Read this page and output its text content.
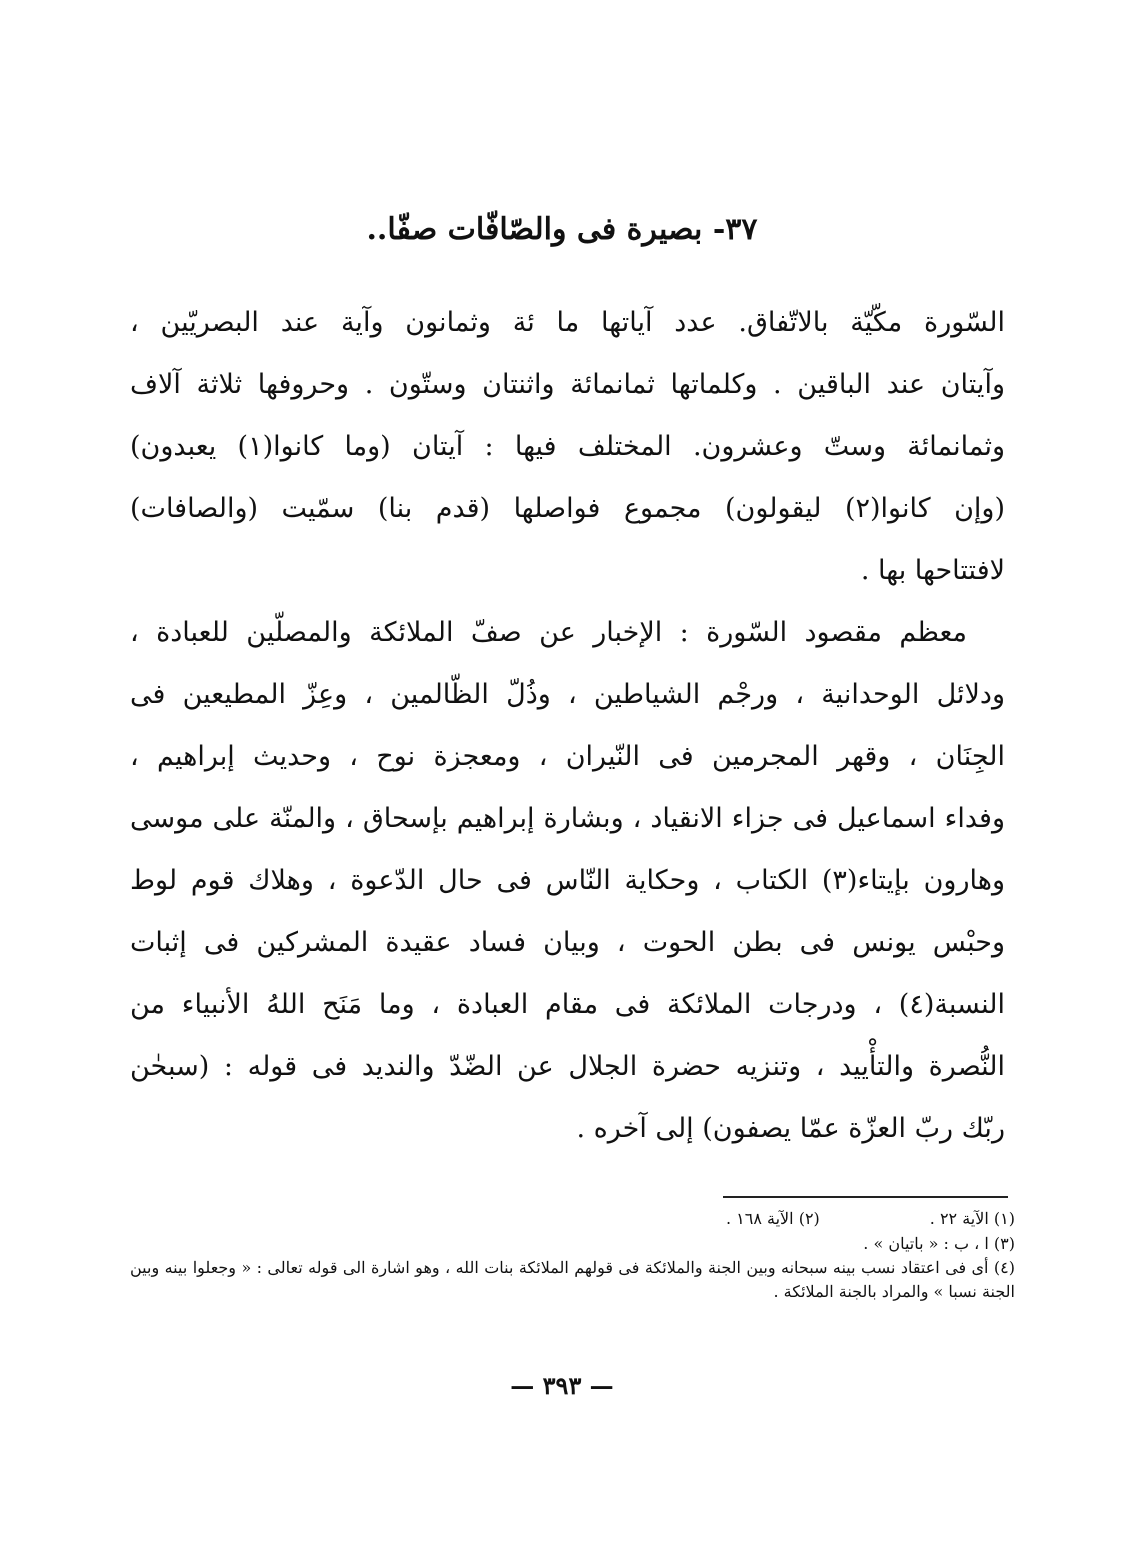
٣٧- بصيرة فى والصّافّات صفّا..
السّورة مكّيّة بالاتّفاق. عدد آياتها ما ئة وثمانون وآية عند البصريّين ،
وآيتان عند الباقين . وكلماتها ثمانمائة واثنتان وستّون . وحروفها ثلاثة آلاف
وثمانمائة وستّ وعشرون. المختلف فيها : آيتان (وما كانوا(١) يعبدون)
(وإن كانوا(٢) ليقولون) مجموع فواصلها (قدم بنا) سمّيت (والصافات)
لافتتاحها بها .
معظم مقصود السّورة : الإخبار عن صفّ الملائكة والمصلّين للعبادة ،
ودلائل الوحدانية ، ورجْم الشياطين ، وذُلّ الظّالمين ، وعِزّ المطيعين فى
الجِنَان ، وقهر المجرمين فى النّيران ، ومعجزة نوح ، وحديث إبراهيم ،
وفداء اسماعيل فى جزاء الانقياد ، وبشارة إبراهيم بإسحاق ، والمنّة على موسى
وهارون بإيتاء(٣) الكتاب ، وحكاية النّاس فى حال الدّعوة ، وهلاك قوم لوط
وحبْس يونس فى بطن الحوت ، وبيان فساد عقيدة المشركين فى إثبات
النسبة(٤) ، ودرجات الملائكة فى مقام العبادة ، وما مَنَح اللهُ الأنبياء من
النُّصرة والتأْييد ، وتنزيه حضرة الجلال عن الضّدّ والنديد فى قوله : (سبحٰن
ربّك ربّ العزّة عمّا يصفون) إلى آخره .
(١) الآية ٢٢ .(٢) الآية ١٦٨ .
(٣) ا ، ب : « باتيان » .
(٤) أى فى اعتقاد نسب بينه سبحانه وبين الجنة والملائكة فى قولهم الملائكة بنات الله ، وهو اشارة الى قوله تعالى : « وجعلوا بينه وبين الجنة نسبا » والمراد بالجنة الملائكة .
— ٣٩٣ —
